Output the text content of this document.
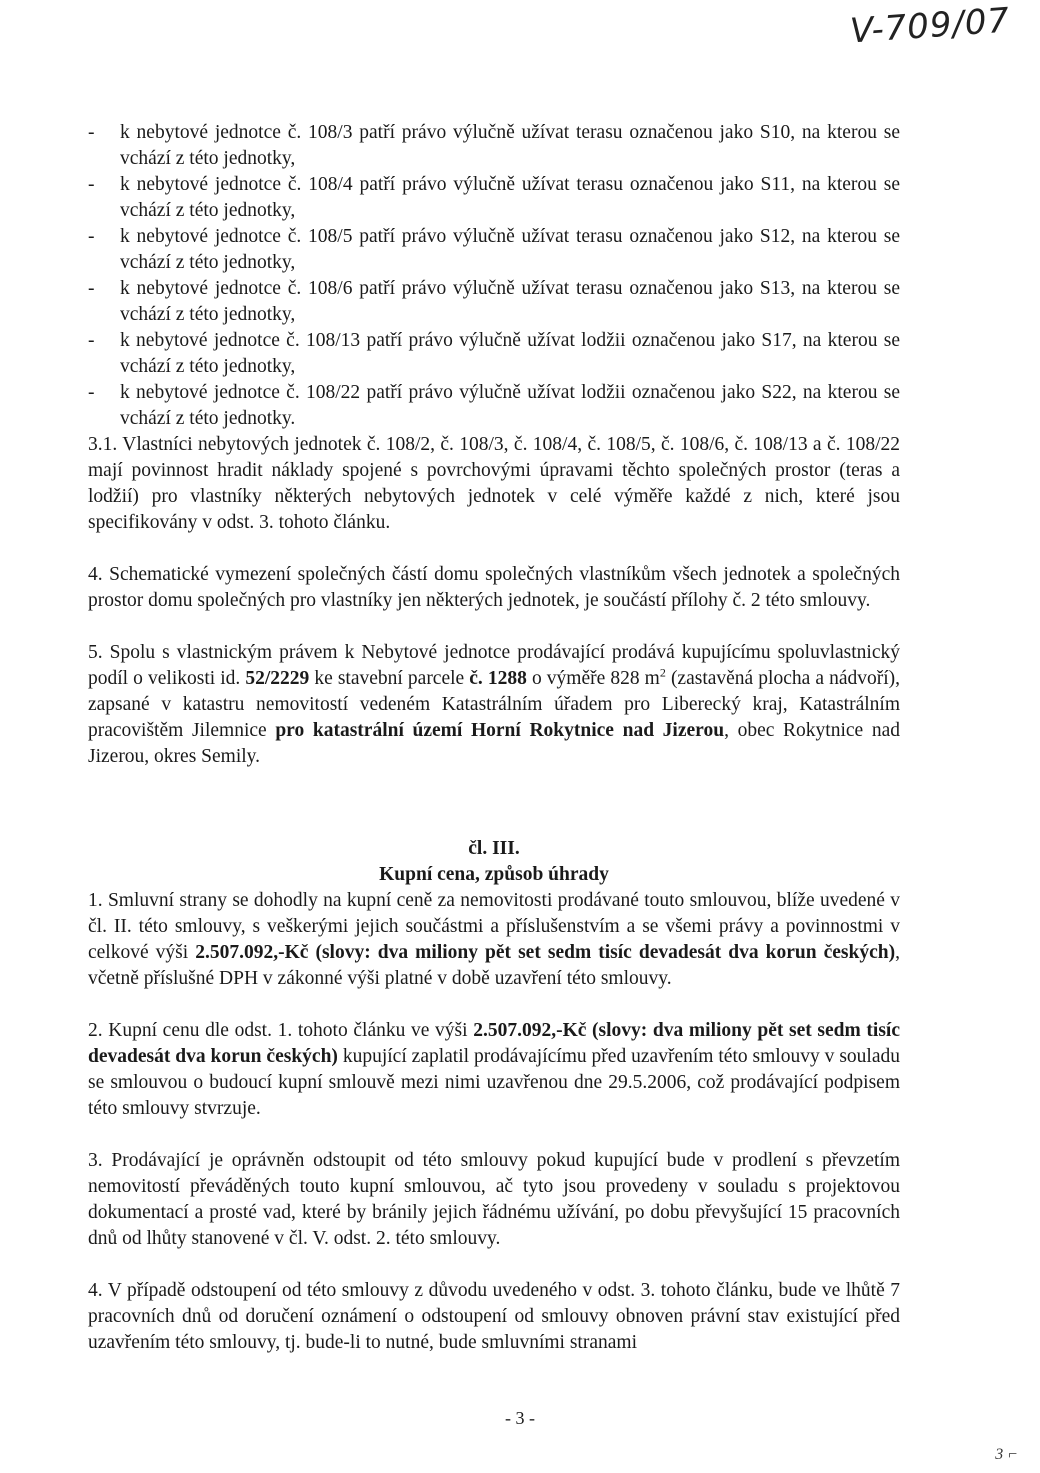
V-709/07

- k nebytové jednotce č. 108/3 patří právo výlučně užívat terasu označenou jako S10, na kterou se vchází z této jednotky,

- k nebytové jednotce č. 108/4 patří právo výlučně užívat terasu označenou jako S11, na kterou se vchází z této jednotky,

- k nebytové jednotce č. 108/5 patří právo výlučně užívat terasu označenou jako S12, na kterou se vchází z této jednotky,

- k nebytové jednotce č. 108/6 patří právo výlučně užívat terasu označenou jako S13, na kterou se vchází z této jednotky,

- k nebytové jednotce č. 108/13 patří právo výlučně užívat lodžii označenou jako S17, na kterou se vchází z této jednotky,

- k nebytové jednotce č. 108/22 patří právo výlučně užívat lodžii označenou jako S22, na kterou se vchází z této jednotky.

3.1. Vlastníci nebytových jednotek č. 108/2, č. 108/3, č. 108/4, č. 108/5, č. 108/6, č. 108/13 a č. 108/22 mají povinnost hradit náklady spojené s povrchovými úpravami těchto společných prostor (teras a lodžií) pro vlastníky některých nebytových jednotek v celé výměře každé z nich, které jsou specifikovány v odst. 3. tohoto článku.

4. Schematické vymezení společných částí domu společných vlastníkům všech jednotek a společných prostor domu společných pro vlastníky jen některých jednotek, je součástí přílohy č. 2 této smlouvy.

5. Spolu s vlastnickým právem k Nebytové jednotce prodávající prodává kupujícímu spoluvlastnický podíl o velikosti id. 52/2229 ke stavební parcele č. 1288 o výměře 828 $m^2$ (zastavěná plocha a nádvoří), zapsané v katastru nemovitostí vedeném Katastrálním úřadem pro Liberecký kraj, Katastrálním pracovištěm Jilemnice pro katastrální území Horní Rokytnice nad Jizerou, obec Rokytnice nad Jizerou, okres Semily.

čl. III.
Kupní cena, způsob úhrady

1. Smluvní strany se dohodly na kupní ceně za nemovitosti prodávané touto smlouvou, blíže uvedené v čl. II. této smlouvy, s veškerými jejich součástmi a příslušenstvím a se všemi právy a povinnostmi v celkové výši 2.507.092,-Kč (slovy: dva miliony pět set sedm tisíc devadesát dva korun českých), včetně příslušné DPH v zákonné výši platné v době uzavření této smlouvy.

2. Kupní cenu dle odst. 1. tohoto článku ve výši 2.507.092,-Kč (slovy: dva miliony pět set sedm tisíc devadesát dva korun českých) kupující zaplatil prodávajícímu před uzavřením této smlouvy v souladu se smlouvou o budoucí kupní smlouvě mezi nimi uzavřenou dne 29.5.2006, což prodávající podpisem této smlouvy stvrzuje.

3. Prodávající je oprávněn odstoupit od této smlouvy pokud kupující bude v prodlení s převzetím nemovitostí převáděných touto kupní smlouvou, ač tyto jsou provedeny v souladu s projektovou dokumentací a prosté vad, které by bránily jejich řádnému užívání, po dobu převyšující 15 pracovních dnů od lhůty stanovené v čl. V. odst. 2. této smlouvy.

4. V případě odstoupení od této smlouvy z důvodu uvedeného v odst. 3. tohoto článku, bude ve lhůtě 7 pracovních dnů od doručení oznámení o odstoupení od smlouvy obnoven právní stav existující před uzavřením této smlouvy, tj. bude-li to nutné, bude smluvními stranami

- 3 -
3 ⌐
